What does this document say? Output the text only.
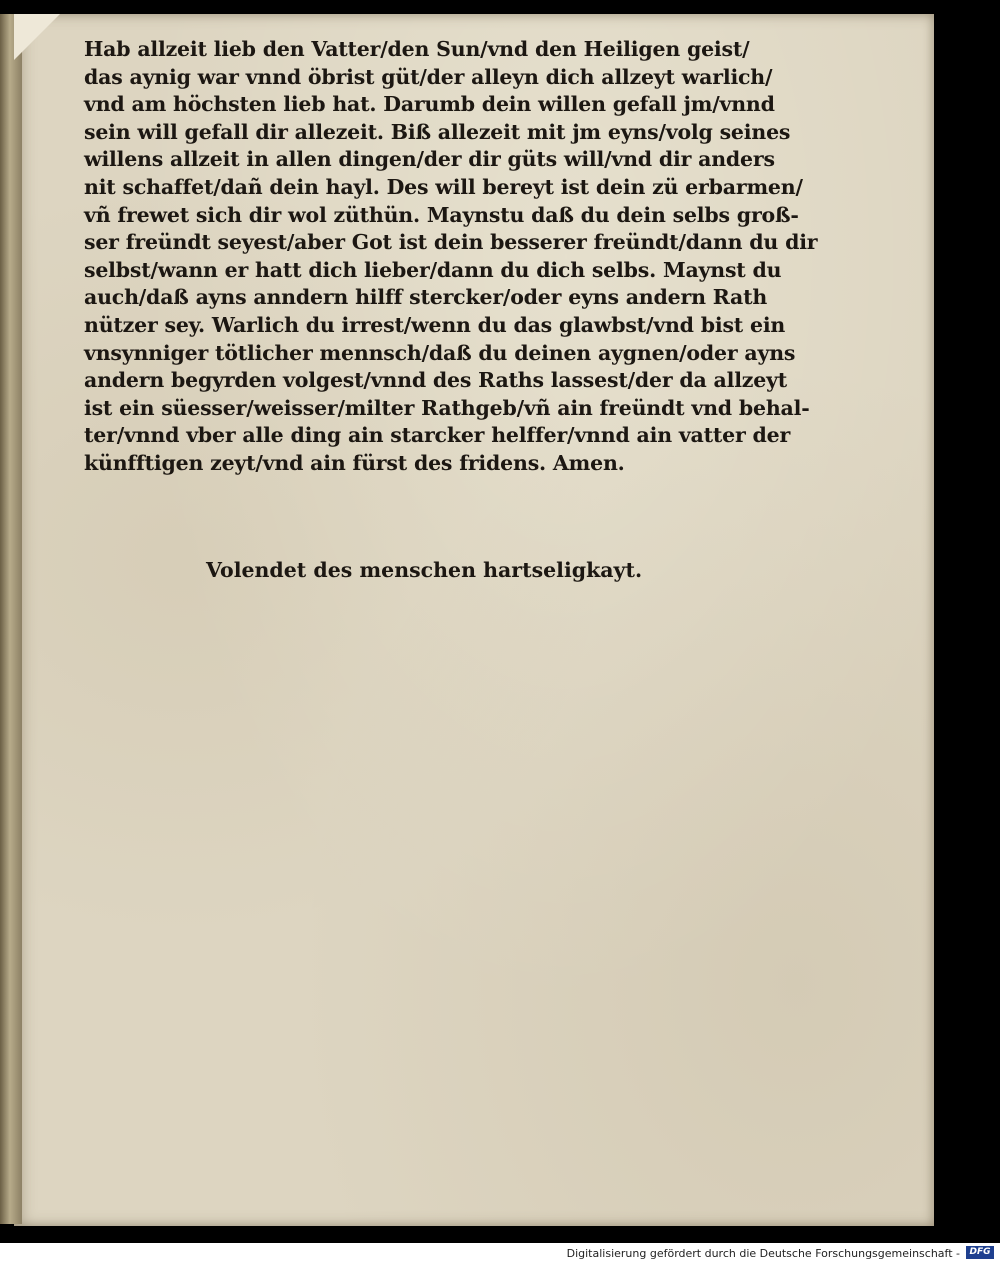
Hab allzeit lieb den Vatter/den Sun/vnd den Heiligen geist/
das aynig war vnnd öbrist güt/der alleyn dich allzeyt warlich/
vnd am höchsten lieb hat. Darumb dein willen gefall jm/vnnd
sein will gefall dir allezeit. Biß allezeit mit jm eyns/volg seines
willens allzeit in allen dingen/der dir güts will/vnd dir anders
nit schaffet/dañ dein hayl. Des will bereyt ist dein zü erbarmen/
vñ frewet sich dir wol züthün. Maynstu daß du dein selbs groß-
ser freündt seyest/aber Got ist dein besserer freündt/dann du dir
selbst/wann er hatt dich lieber/dann du dich selbs. Maynst du
auch/daß ayns anndern hilff stercker/oder eyns andern Rath
nützer sey. Warlich du irrest/wenn du das glawbst/vnd bist ein
vnsynniger tötlicher mennsch/daß du deinen aygnen/oder ayns
andern begyrden volgest/vnnd des Raths lassest/der da allzeyt
ist ein süesser/weisser/milter Rathgeb/vñ ain freündt vnd behal-
ter/vnnd vber alle ding ain starcker helffer/vnnd ain vatter der
künfftigen zeyt/vnd ain fürst des fridens. Amen.
Volendet des menschen hartseligkayt.
Digitalisierung gefördert durch die Deutsche Forschungsgemeinschaft -	DFG
